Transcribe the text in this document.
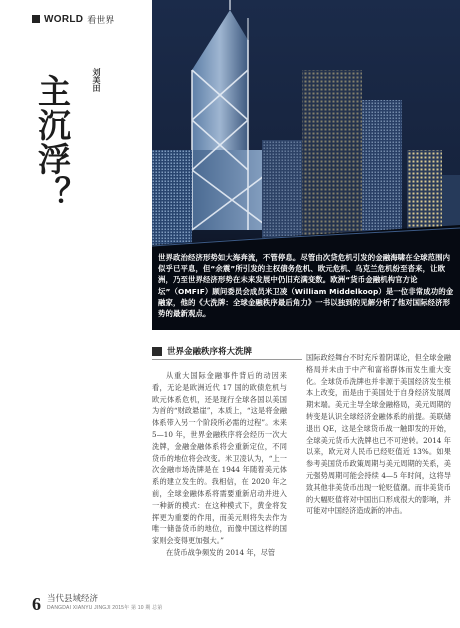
WORLD 看世界
刘美田
主沉浮？
世界政治经济形势如大海奔流，不管停息。尽管由次贷危机引发的金融海啸在全球范围内似乎已平息，但“余震”所引发的主权债务危机、欧元危机、乌克兰危机纷至沓来，让欧洲，乃至世界经济形势在未来发展中仍旧充满变数。欧洲“货币金融机构官方论坛”（OMFIF）顾问委员会成员米卫凌（William Middelkoop）是一位非常成功的金融家，他的《大洗牌：全球金融秩序最后角力》一书以独到的见解分析了他对国际经济形势的最新观点。
世界金融秩序将大洗牌

从重大国际金融事件背后的动因来看，无论是欧洲近代 17 国的欧债危机与欧元体系危机，还是现行全球各国以美国为首的“财政悬崖”，本质上，“这是将金融体系带入另一个阶段所必需的过程”。未来 5—10 年，世界金融秩序将会经历一次大洗牌，金融金融体系将会重新定位，不同货币的地位将会改变。米卫凌认为，“上一次金融市场洗牌是在 1944 年随着美元体系的建立发生的。我相信，在 2020 年之前，全球金融体系将需要重新启动并进入一种新的模式：在这种模式下，黄金将发挥更为重要的作用，而美元则将失去作为唯一储备货币的地位，而像中国这样的国家则会变得更加强大。”

在货币战争频发的 2014 年，尽管

国际政经舞台不时充斥着阴谋论，但全球金融格局并未由于中产和富裕群体而发生重大变化。全球货币洗牌也并非源于美国经济发生根本上改变，而是由于美国处于自身经济发展周期末端。美元主导全球金融格局，美元周期的转变是认识全球经济金融体系的前提。美联储退出 QE，这是全球货币战一触即发的开始，全球美元货币大洗牌也已不可逆转。2014 年以来，欧元对人民币已经贬值近 13%。如果参考美国货币政策周期与美元周期的关系，美元强势周期可能会持续 4—5 年时间，这将导致其他非美货币出现一轮贬值潮。而非美货币的大幅贬值将对中国出口形成很大的影响，并可能对中国经济造成新的冲击。

6 当代县域经济
DANGDAI XIANYU JINGJI 2015年 第 10 期 总第
